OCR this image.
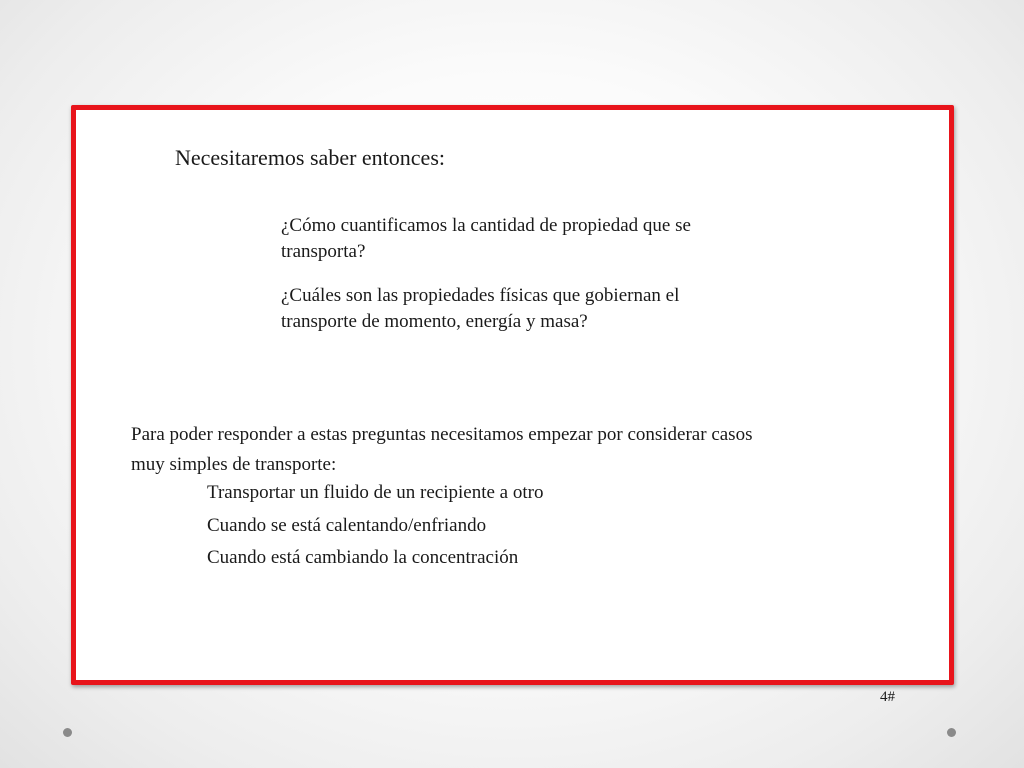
Necesitaremos saber entonces:

¿Cómo cuantificamos la cantidad de propiedad que se
transporta?
¿Cuáles son las propiedades físicas que gobiernan el
transporte de momento, energía y masa?
Para poder responder a estas preguntas necesitamos empezar por considerar casos
muy simples de transporte:

Transportar un fluido de un recipiente a otro

Cuando se está calentando/enfriando

Cuando está cambiando la concentración

4#
